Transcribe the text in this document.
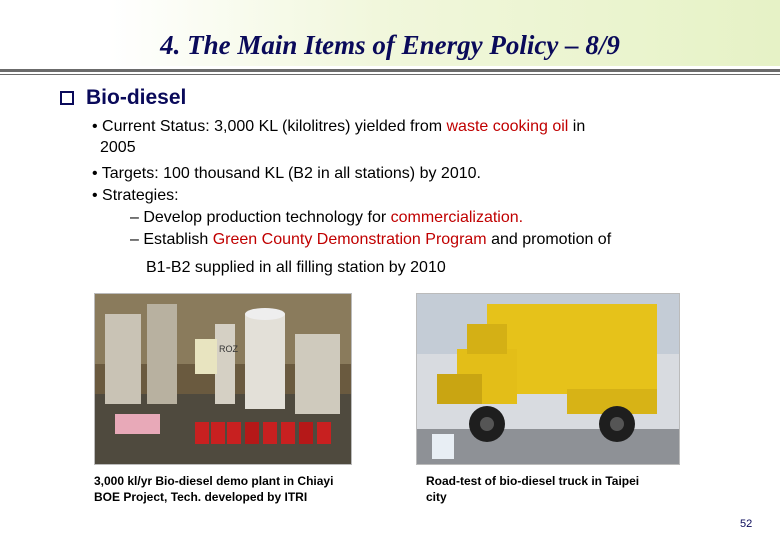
4. The Main Items of Energy Policy – 8/9
Bio-diesel
• Current Status: 3,000 KL (kilolitres) yielded from waste cooking oil in
2005
• Targets: 100 thousand KL (B2 in all stations) by 2010.
• Strategies:
– Develop production technology for commercialization.
– Establish Green County Demonstration Program and promotion of
B1-B2 supplied in all filling station by 2010
ROZ
3,000 kl/yr Bio-diesel demo plant in Chiayi
BOE Project, Tech. developed by ITRI
Road-test of bio-diesel truck in Taipei
city
52
